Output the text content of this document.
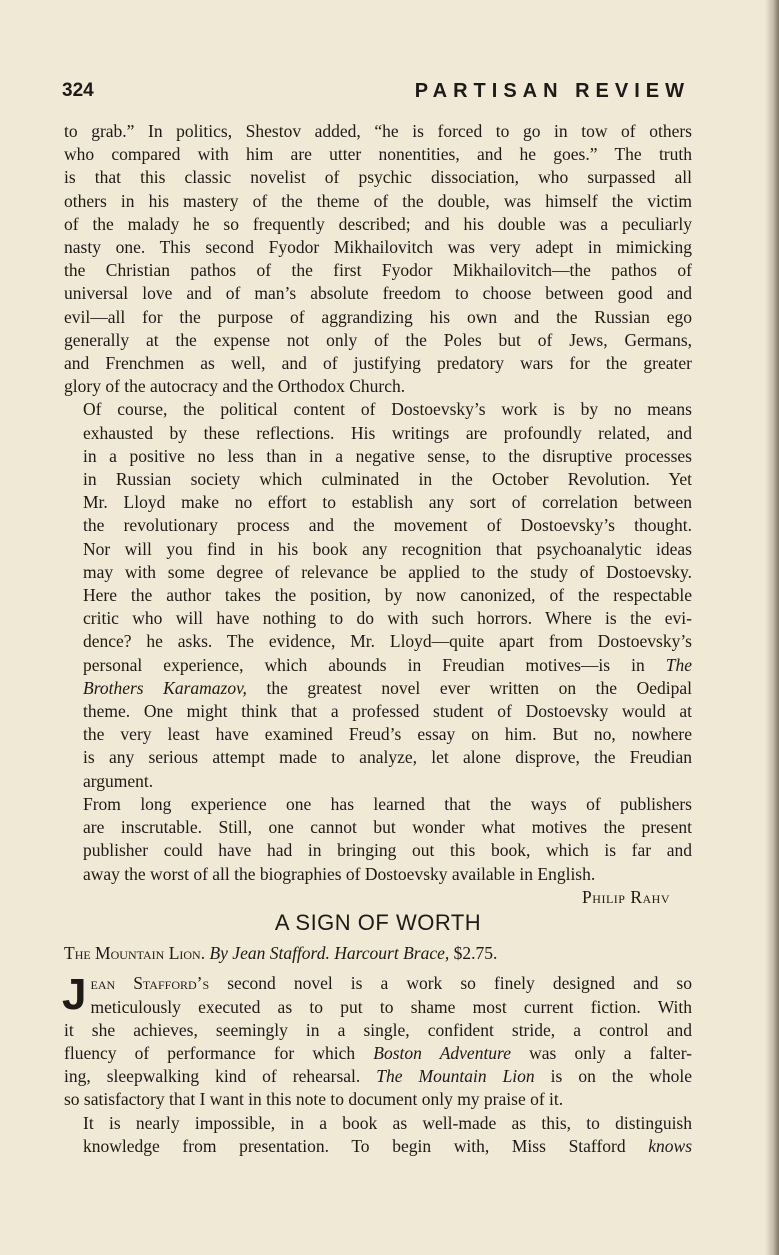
324	PARTISAN REVIEW
to grab.” In politics, Shestov added, “he is forced to go in tow of others
who compared with him are utter nonentities, and he goes.” The truth
is that this classic novelist of psychic dissociation, who surpassed all
others in his mastery of the theme of the double, was himself the victim
of the malady he so frequently described; and his double was a peculiarly
nasty one. This second Fyodor Mikhailovitch was very adept in mimicking
the Christian pathos of the first Fyodor Mikhailovitch—the pathos of
universal love and of man’s absolute freedom to choose between good and
evil—all for the purpose of aggrandizing his own and the Russian ego
generally at the expense not only of the Poles but of Jews, Germans,
and Frenchmen as well, and of justifying predatory wars for the greater
glory of the autocracy and the Orthodox Church.
Of course, the political content of Dostoevsky’s work is by no means
exhausted by these reflections. His writings are profoundly related, and
in a positive no less than in a negative sense, to the disruptive processes
in Russian society which culminated in the October Revolution. Yet
Mr. Lloyd make no effort to establish any sort of correlation between
the revolutionary process and the movement of Dostoevsky’s thought.
Nor will you find in his book any recognition that psychoanalytic ideas
may with some degree of relevance be applied to the study of Dostoevsky.
Here the author takes the position, by now canonized, of the respectable
critic who will have nothing to do with such horrors. Where is the evi-
dence? he asks. The evidence, Mr. Lloyd—quite apart from Dostoevsky’s
personal experience, which abounds in Freudian motives—is in The
Brothers Karamazov, the greatest novel ever written on the Oedipal
theme. One might think that a professed student of Dostoevsky would at
the very least have examined Freud’s essay on him. But no, nowhere
is any serious attempt made to analyze, let alone disprove, the Freudian
argument.
From long experience one has learned that the ways of publishers
are inscrutable. Still, one cannot but wonder what motives the present
publisher could have had in bringing out this book, which is far and
away the worst of all the biographies of Dostoevsky available in English.
Philip Rahv
A SIGN OF WORTH
The Mountain Lion. By Jean Stafford. Harcourt Brace, $2.75.
J ean Stafford’s second novel is a work so finely designed and so
meticulously executed as to put to shame most current fiction. With
it she achieves, seemingly in a single, confident stride, a control and
fluency of performance for which Boston Adventure was only a falter-
ing, sleepwalking kind of rehearsal. The Mountain Lion is on the whole
so satisfactory that I want in this note to document only my praise of it.
It is nearly impossible, in a book as well-made as this, to distinguish
knowledge from presentation. To begin with, Miss Stafford knows
